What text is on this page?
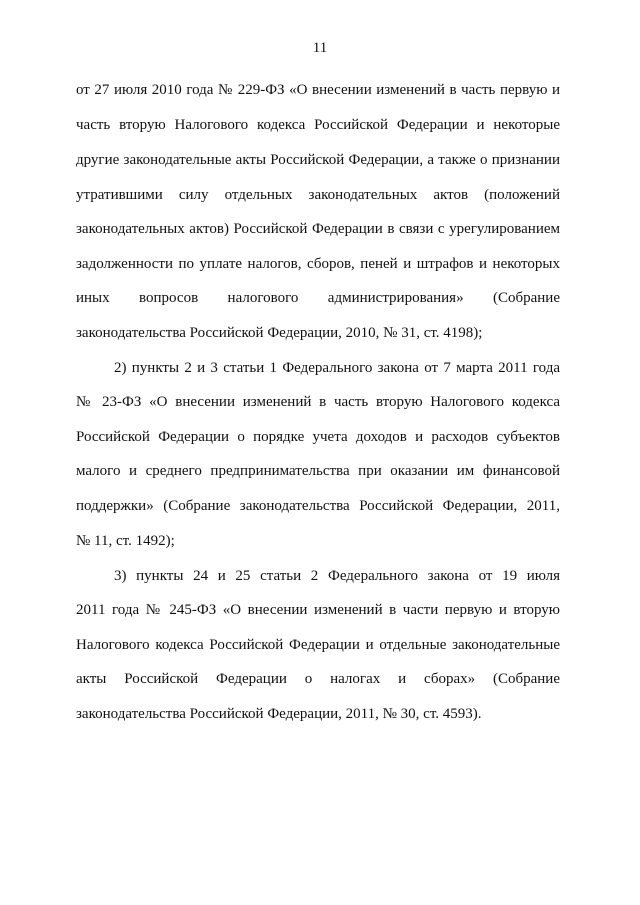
11
от 27 июля 2010 года № 229-ФЗ «О внесении изменений в часть первую и
часть вторую Налогового кодекса Российской Федерации и некоторые
другие законодательные акты Российской Федерации, а также о признании
утратившими силу отдельных законодательных актов (положений
законодательных актов) Российской Федерации в связи с урегулированием
задолженности по уплате налогов, сборов, пеней и штрафов и некоторых
иных вопросов налогового администрирования» (Собрание
законодательства Российской Федерации, 2010, № 31, ст. 4198);
2) пункты 2 и 3 статьи 1 Федерального закона от 7 марта 2011 года
№ 23-ФЗ «О внесении изменений в часть вторую Налогового кодекса
Российской Федерации о порядке учета доходов и расходов субъектов
малого и среднего предпринимательства при оказании им финансовой
поддержки» (Собрание законодательства Российской Федерации, 2011,
№ 11, ст. 1492);
3) пункты 24 и 25 статьи 2 Федерального закона от 19 июля
2011 года № 245-ФЗ «О внесении изменений в части первую и вторую
Налогового кодекса Российской Федерации и отдельные законодательные
акты Российской Федерации о налогах и сборах» (Собрание
законодательства Российской Федерации, 2011, № 30, ст. 4593).
